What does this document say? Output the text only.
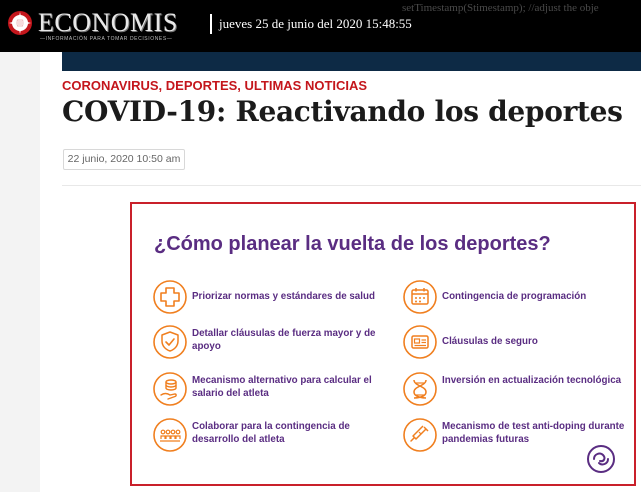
ECONOMIS
—INFORMACIÓN PARA TOMAR DECISIONES—
jueves 25 de junio del 2020 15:48:55
setTimestamp(Stimestamp); //adjust the obje
CORONAVIRUS, DEPORTES, ULTIMAS NOTICIAS
COVID-19: Reactivando los deportes
22 junio, 2020 10:50 am
¿Cómo planear la vuelta de los deportes?
Priorizar normas y estándares de salud	Contingencia de programación
Detallar cláusulas de fuerza mayor y de apoyo	Cláusulas de seguro
Mecanismo alternativo para calcular el salario del atleta
Inversión en actualización tecnológica
Colaborar para la contingencia de desarrollo del atleta
Mecanismo de test anti-doping durante pandemias futuras
